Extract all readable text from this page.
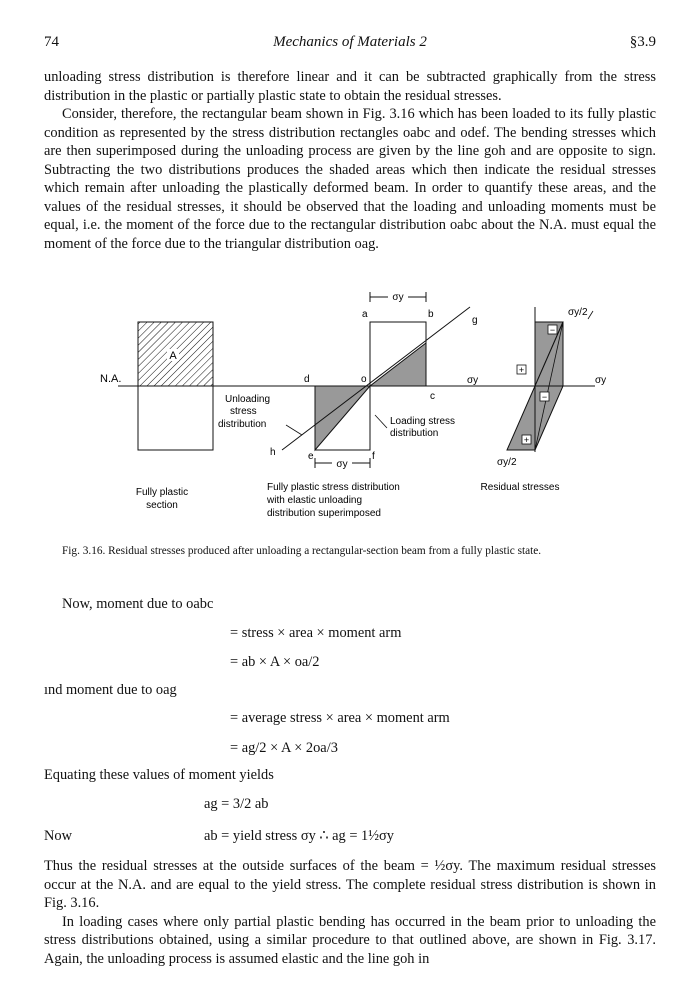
74	Mechanics of Materials 2	§3.9

unloading stress distribution is therefore linear and it can be subtracted graphically from the stress distribution in the plastic or partially plastic state to obtain the residual stresses.

Consider, therefore, the rectangular beam shown in Fig. 3.16 which has been loaded to its fully plastic condition as represented by the stress distribution rectangles oabc and odef. The bending stresses which are then superimposed during the unloading process are given by the line goh and are opposite to sign. Subtracting the two distributions produces the shaded areas which then indicate the residual stresses which remain after unloading the plastically deformed beam. In order to quantify these areas, and the values of the residual stresses, it should be observed that the loading and unloading moments must be equal, i.e. the moment of the force due to the rectangular distribution oabc about the N.A. must equal the moment of the force due to the triangular distribution oag.

A
N.A.
σy
σy
a	b
c
d
e	f
g
h
o
Unloading
stress
distribution	Loading stress
distribution
−
+
−
+
σy/2
σy	σy
σy/2
Fully plastic
section
Fully plastic stress distribution
with elastic unloading
distribution superimposed
Residual stresses
Fig. 3.16. Residual stresses produced after unloading a rectangular-section beam from a fully plastic state.
Now, moment due to oabc
= stress × area × moment arm
= ab × A × oa/2
ınd moment due to oag
= average stress × area × moment arm
= ag/2 × A × 2oa/3
Equating these values of moment yields
ag = 3/2 ab
Now	ab = yield stress σy ∴ ag = 1½σy

Thus the residual stresses at the outside surfaces of the beam = ½σy. The maximum residual stresses occur at the N.A. and are equal to the yield stress. The complete residual stress distribution is shown in Fig. 3.16.

In loading cases where only partial plastic bending has occurred in the beam prior to unloading the stress distributions obtained, using a similar procedure to that outlined above, are shown in Fig. 3.17. Again, the unloading process is assumed elastic and the line goh in
